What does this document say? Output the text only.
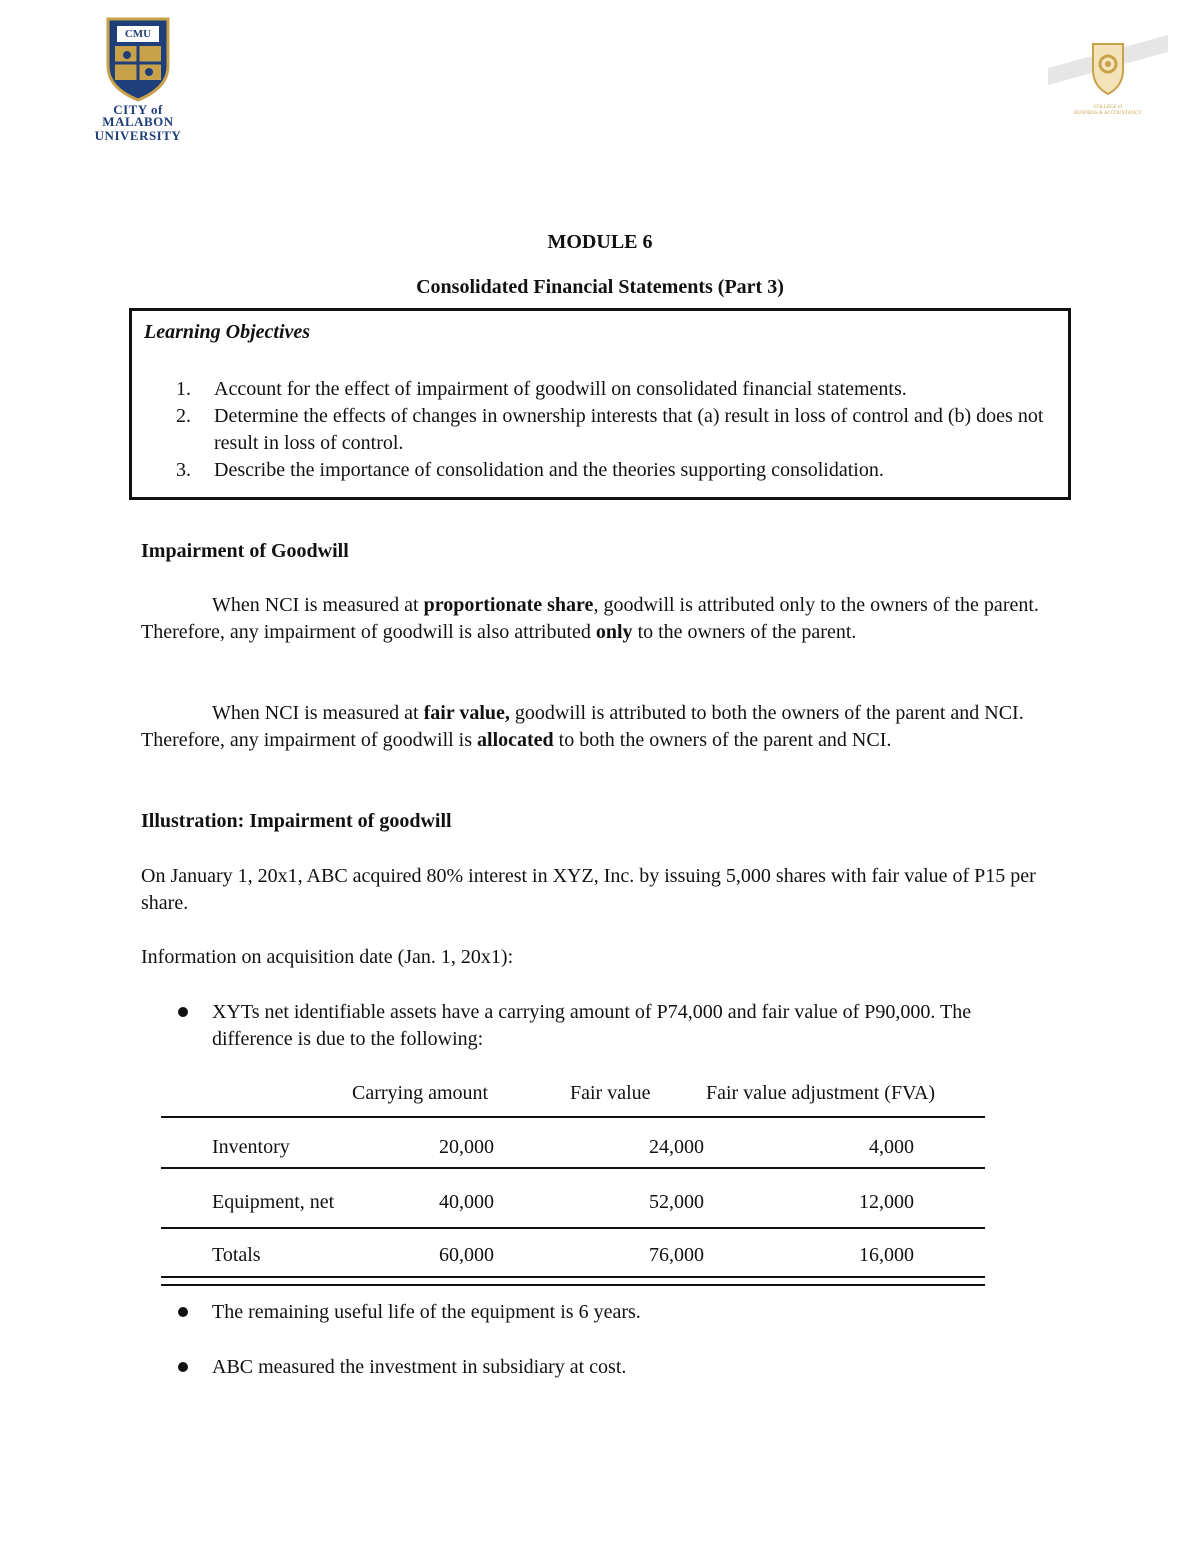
CMU
CITY of MALABON
UNIVERSITY
COLLEGE of
BUSINESS & ACCOUNTANCY
MODULE 6
Consolidated Financial Statements (Part 3)
Learning Objectives
1. Account for the effect of impairment of goodwill on consolidated financial statements.
2. Determine the effects of changes in ownership interests that (a) result in loss of control and (b) does not result in loss of control.
3. Describe the importance of consolidation and the theories supporting consolidation.
Impairment of Goodwill
When NCI is measured at proportionate share, goodwill is attributed only to the owners of the parent. Therefore, any impairment of goodwill is also attributed only to the owners of the parent.
When NCI is measured at fair value, goodwill is attributed to both the owners of the parent and NCI. Therefore, any impairment of goodwill is allocated to both the owners of the parent and NCI.
Illustration: Impairment of goodwill
On January 1, 20x1, ABC acquired 80% interest in XYZ, Inc. by issuing 5,000 shares with fair value of P15 per share.
Information on acquisition date (Jan. 1, 20x1):
XYTs net identifiable assets have a carrying amount of P74,000 and fair value of P90,000. The difference is due to the following:
Carrying amount	Fair value	Fair value adjustment (FVA)
Inventory	20,000	24,000	4,000
Equipment, net	40,000	52,000	12,000
Totals	60,000	76,000	16,000
The remaining useful life of the equipment is 6 years.
ABC measured the investment in subsidiary at cost.
